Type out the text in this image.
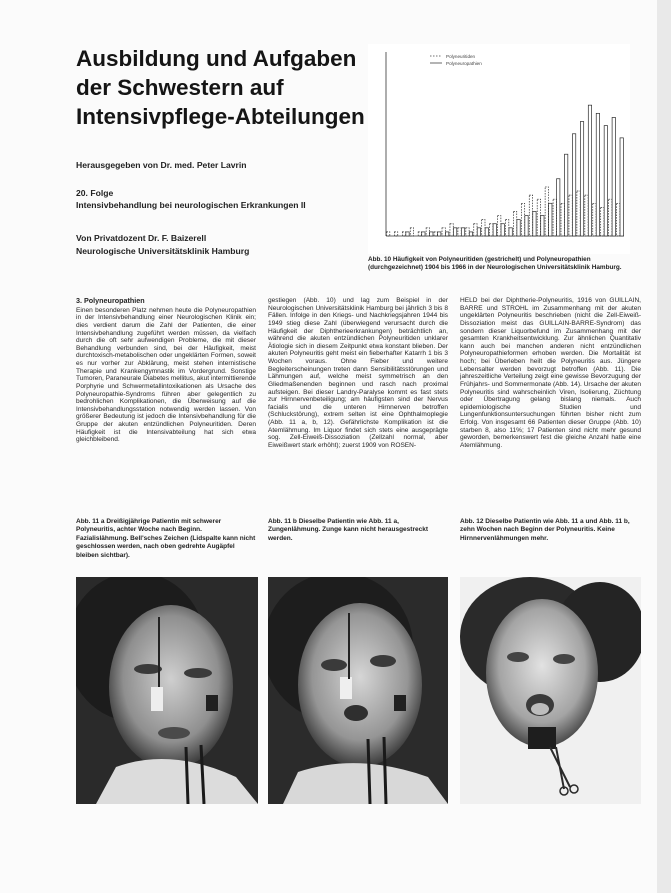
Ausbildung und Aufgaben
der Schwestern auf
Intensivpflege-Abteilungen
Herausgegeben von Dr. med. Peter Lavrin
20. Folge
Intensivbehandlung bei neurologischen Erkrankungen II
Von Privatdozent Dr. F. Baizerell
Neurologische Universitätsklinik Hamburg
Polyneuritiden
Polyneuropathien
Abb. 10 Häufigkeit von Polyneuritiden (gestrichelt) und Polyneuropathien (durchgezeichnet) 1904 bis 1966 in der Neurologischen Universitätsklinik Hamburg.
3. Polyneuropathien

Einen besonderen Platz nehmen heute die Polyneuropathien in der Intensivbehandlung einer Neurologischen Klinik ein; dies verdient darum die Zahl der Patienten, die einer Intensivbehandlung zugeführt werden müssen, da vielfach durch die oft sehr aufwendigen Probleme, die mit dieser Behandlung verbunden sind, bei der Häufigkeit, meist durchtoxisch-metabolischen oder ungeklärten Formen, soweit es nur vorher zur Abklärung, meist stehen internistische Therapie und Krankengymnastik im Vordergrund. Sonstige Tumoren, Paraneurale Diabetes mellitus, akut intermittierende Porphyrie und Schwermetallintoxikationen als Ursache des Polyneuropathie-Syndroms führen aber gelegentlich zu bedrohlichen Komplikationen, die Überweisung auf die Intensivbehandlungsstation notwendig werden lassen. Von größerer Bedeutung ist jedoch die Intensivbehandlung für die Gruppe der akuten entzündlichen Polyneuritiden. Deren Häufigkeit ist die Intensivabteilung hat sich etwa gleichbleibend.

gestiegen (Abb. 10) und lag zum Beispiel in der Neurologischen Universitätsklinik Hamburg bei jährlich 3 bis 8 Fällen. Infolge in den Kriegs- und Nachkriegsjahren 1944 bis 1949 stieg diese Zahl (überwiegend verursacht durch die Häufigkeit der Diphtherieerkrankungen) beträchtlich an, während die akuten entzündlichen Polyneuritiden unklarer Ätiologie sich in diesem Zeitpunkt etwa konstant blieben. Der akuten Polyneuritis geht meist ein fieberhafter Katarrh 1 bis 3 Wochen voraus. Ohne Fieber und weitere Begleiterscheinungen treten dann Sensibilitätsstörungen und Lähmungen auf, welche meist symmetrisch an den Gliedmaßenenden beginnen und rasch nach proximal aufsteigen. Bei dieser Landry-Paralyse kommt es fast stets zur Hirnnervenbeteiligung; am häufigsten sind der Nervus facialis und die unteren Hirnnerven betroffen (Schluckstörung), extrem selten ist eine Ophthalmoplegie (Abb. 11 a, b, 12). Gefährlichste Komplikation ist die Atemlähmung. Im Liquor findet sich stets eine ausgeprägte sog. Zell-Eiweiß-Dissoziation (Zellzahl normal, aber Eiweißwert stark erhöht); zuerst 1909 von ROSEN-

HELD bei der Diphtherie-Polyneuritis, 1916 von GUILLAIN, BARRE und STROHL im Zusammenhang mit der akuten ungeklärten Polyneuritis beschrieben (nicht die Zell-Eiweiß-Dissoziation meist das GUILLAIN-BARRE-Syndrom) das sondern dieser Liquorbefund im Zusammenhang mit der gesamten Krankheitsentwicklung. Zur ähnlichen Quantitativ kann auch bei manchen anderen nicht entzündlichen Polyneuropathieformen erhoben werden. Die Mortalität ist hoch; bei Überleben heilt die Polyneuritis aus. Jüngere Lebensalter werden bevorzugt betroffen (Abb. 11). Die jahreszeitliche Verteilung zeigt eine gewisse Bevorzugung der Frühjahrs- und Sommermonate (Abb. 14). Ursache der akuten Polyneuritis sind wahrscheinlich Viren, Isolierung, Züchtung oder Übertragung gelang bislang niemals. Auch epidemiologische Studien und Lungenfunktionsuntersuchungen führten bisher nicht zum Erfolg. Von insgesamt 66 Patienten dieser Gruppe (Abb. 10) starben 8, also 11%; 17 Patienten sind nicht mehr gesund geworden, bemerkenswert fest die gleiche Anzahl hatte eine Atemlähmung.

Abb. 11 a Dreißigjährige Patientin mit schwerer Polyneuritis, achter Woche nach Beginn. Fazialislähmung. Bell'sches Zeichen (Lidspalte kann nicht geschlossen werden, nach oben gedrehte Augäpfel bleiben sichtbar).
Abb. 11 b Dieselbe Patientin wie Abb. 11 a, Zungenlähmung. Zunge kann nicht herausgestreckt werden.
Abb. 12 Dieselbe Patientin wie Abb. 11 a und Abb. 11 b, zehn Wochen nach Beginn der Polyneuritis. Keine Hirnnervenlähmungen mehr.
